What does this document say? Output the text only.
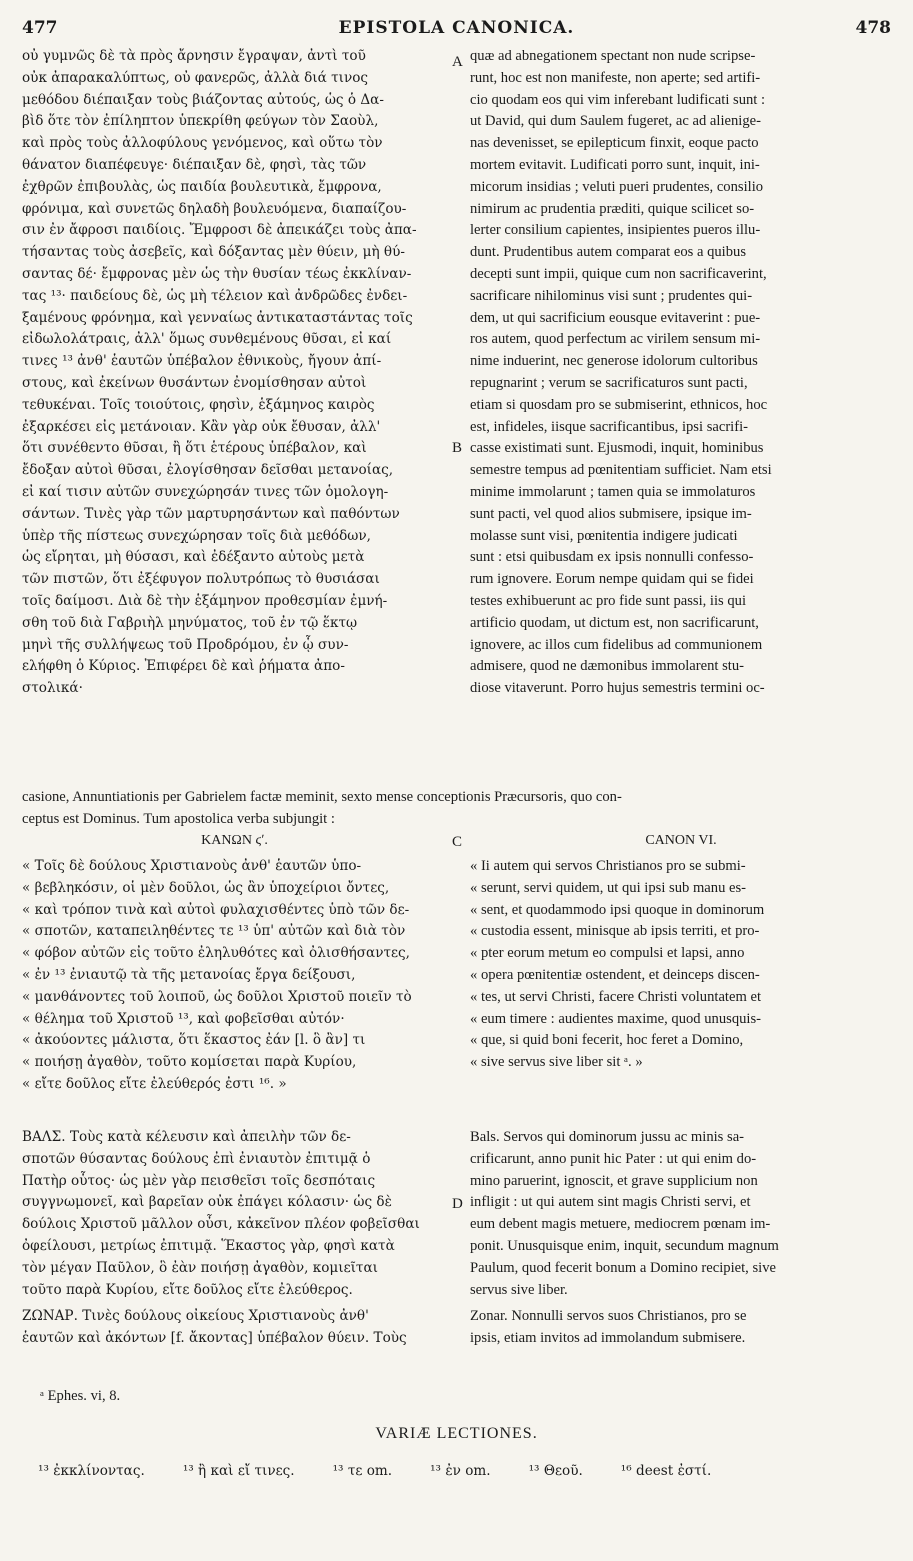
477	EPISTOLA CANONICA.	478
A
B
C
D
οὐ γυμνῶς δὲ τὰ πρὸς ἄρνησιν ἔγραψαν, ἀντὶ τοῦ
οὐκ ἀπαρακαλύπτως, οὐ φανερῶς, ἀλλὰ διά τινος
μεθόδου διέπαιξαν τοὺς βιάζοντας αὐτούς, ὡς ὁ Δα-
βὶδ ὅτε τὸν ἐπίληπτον ὑπεκρίθη φεύγων τὸν Σαοὺλ,
καὶ πρὸς τοὺς ἀλλοφύλους γενόμενος, καὶ οὕτω τὸν
θάνατον διαπέφευγε· διέπαιξαν δὲ, φησὶ, τὰς τῶν
ἐχθρῶν ἐπιβουλὰς, ὡς παιδία βουλευτικὰ, ἔμφρονα,
φρόνιμα, καὶ συνετῶς δηλαδὴ βουλευόμενα, διαπαίζου-
σιν ἐν ἄφροσι παιδίοις. Ἔμφροσι δὲ ἀπεικάζει τοὺς ἀπα-
τήσαντας τοὺς ἀσεβεῖς, καὶ δόξαντας μὲν θύειν, μὴ θύ-
σαντας δέ· ἔμφρονας μὲν ὡς τὴν θυσίαν τέως ἐκκλίναν-
τας ¹³· παιδείους δὲ, ὡς μὴ τέλειον καὶ ἀνδρῶδες ἐνδει-
ξαμένους φρόνημα, καὶ γενναίως ἀντικαταστάντας τοῖς
εἰδωλολάτραις, ἀλλ' ὅμως συνθεμένους θῦσαι, εἰ καί
τινες ¹³ ἀνθ' ἑαυτῶν ὑπέβαλον ἐθνικοὺς, ἤγουν ἀπί-
στους, καὶ ἐκείνων θυσάντων ἐνομίσθησαν αὐτοὶ
τεθυκέναι. Τοῖς τοιούτοις, φησὶν, ἑξάμηνος καιρὸς
ἐξαρκέσει εἰς μετάνοιαν. Κἂν γὰρ οὐκ ἔθυσαν, ἀλλ'
ὅτι συνέθεντο θῦσαι, ἢ ὅτι ἑτέρους ὑπέβαλον, καὶ
ἔδοξαν αὐτοὶ θῦσαι, ἐλογίσθησαν δεῖσθαι μετανοίας,
εἰ καί τισιν αὐτῶν συνεχώρησάν τινες τῶν ὁμολογη-
σάντων. Τινὲς γὰρ τῶν μαρτυρησάντων καὶ παθόντων
ὑπὲρ τῆς πίστεως συνεχώρησαν τοῖς διὰ μεθόδων,
ὡς εἴρηται, μὴ θύσασι, καὶ ἐδέξαντο αὐτοὺς μετὰ
τῶν πιστῶν, ὅτι ἐξέφυγον πολυτρόπως τὸ θυσιάσαι
τοῖς δαίμοσι. Διὰ δὲ τὴν ἑξάμηνον προθεσμίαν ἐμνή-
σθη τοῦ διὰ Γαβριὴλ μηνύματος, τοῦ ἐν τῷ ἕκτῳ
μηνὶ τῆς συλλήψεως τοῦ Προδρόμου, ἐν ᾧ συν-
ελήφθη ὁ Κύριος. Ἐπιφέρει δὲ καὶ ῥήματα ἀπο-
στολικά·
quæ ad abnegationem spectant non nude scripse-
runt, hoc est non manifeste, non aperte; sed artifi-
cio quodam eos qui vim inferebant ludificati sunt :
ut David, qui dum Saulem fugeret, ac ad alienige-
nas devenisset, se epilepticum finxit, eoque pacto
mortem evitavit. Ludificati porro sunt, inquit, ini-
micorum insidias ; veluti pueri prudentes, consilio
nimirum ac prudentia præditi, quique scilicet so-
lerter consilium capientes, insipientes pueros illu-
dunt. Prudentibus autem comparat eos a quibus
decepti sunt impii, quique cum non sacrificaverint,
sacrificare nihilominus visi sunt ; prudentes qui-
dem, ut qui sacrificium eousque evitaverint : pue-
ros autem, quod perfectum ac virilem sensum mi-
nime induerint, nec generose idolorum cultoribus
repugnarint ; verum se sacrificaturos sunt pacti,
etiam si quosdam pro se submiserint, ethnicos, hoc
est, infideles, iisque sacrificantibus, ipsi sacrifi-
casse existimati sunt. Ejusmodi, inquit, hominibus
semestre tempus ad pœnitentiam sufficiet. Nam etsi
minime immolarunt ; tamen quia se immolaturos
sunt pacti, vel quod alios submisere, ipsique im-
molasse sunt visi, pœnitentia indigere judicati
sunt : etsi quibusdam ex ipsis nonnulli confesso-
rum ignovere. Eorum nempe quidam qui se fidei
testes exhibuerunt ac pro fide sunt passi, iis qui
artificio quodam, ut dictum est, non sacrificarunt,
ignovere, ac illos cum fidelibus ad communionem
admisere, quod ne dæmonibus immolarent stu-
diose vitaverunt. Porro hujus semestris termini oc-
casione, Annuntiationis per Gabrielem factæ meminit, sexto mense conceptionis Præcursoris, quo con-
ceptus est Dominus. Tum apostolica verba subjungit :
ΚΑΝΩΝ ϛʹ.	CANON VI.
« Τοῖς δὲ δούλους Χριστιανοὺς ἀνθ' ἑαυτῶν ὑπο-
« βεβληκόσιν, οἱ μὲν δοῦλοι, ὡς ἂν ὑποχείριοι ὄντες,
« καὶ τρόπον τινὰ καὶ αὐτοὶ φυλαχισθέντες ὑπὸ τῶν δε-
« σποτῶν, καταπειληθέντες τε ¹³ ὑπ' αὐτῶν καὶ διὰ τὸν
« φόβον αὐτῶν εἰς τοῦτο ἐληλυθότες καὶ ὀλισθήσαντες,
« ἐν ¹³ ἐνιαυτῷ τὰ τῆς μετανοίας ἔργα δείξουσι,
« μανθάνοντες τοῦ λοιποῦ, ὡς δοῦλοι Χριστοῦ ποιεῖν τὸ
« θέλημα τοῦ Χριστοῦ ¹³, καὶ φοβεῖσθαι αὐτόν·
« ἀκούοντες μάλιστα, ὅτι ἕκαστος ἐάν [l. ὃ ἂν] τι
« ποιήσῃ ἀγαθὸν, τοῦτο κομίσεται παρὰ Κυρίου,
« εἴτε δοῦλος εἴτε ἐλεύθερός ἐστι ¹⁶. »
« Ii autem qui servos Christianos pro se submi-
« serunt, servi quidem, ut qui ipsi sub manu es-
« sent, et quodammodo ipsi quoque in dominorum
« custodia essent, minisque ab ipsis territi, et pro-
« pter eorum metum eo compulsi et lapsi, anno
« opera pœnitentiæ ostendent, et deinceps discen-
« tes, ut servi Christi, facere Christi voluntatem et
« eum timere : audientes maxime, quod unusquis-
« que, si quid boni fecerit, hoc feret a Domino,
« sive servus sive liber sit ᵃ. »
ΒΑΛΣ. Τοὺς κατὰ κέλευσιν καὶ ἀπειλὴν τῶν δε-
σποτῶν θύσαντας δούλους ἐπὶ ἐνιαυτὸν ἐπιτιμᾷ ὁ
Πατὴρ οὗτος· ὡς μὲν γὰρ πεισθεῖσι τοῖς δεσπόταις
συγγνωμονεῖ, καὶ βαρεῖαν οὐκ ἐπάγει κόλασιν· ὡς δὲ
δούλοις Χριστοῦ μᾶλλον οὖσι, κἀκεῖνον πλέον φοβεῖσθαι
ὀφείλουσι, μετρίως ἐπιτιμᾷ. Ἕκαστος γὰρ, φησὶ κατὰ
τὸν μέγαν Παῦλον, ὃ ἐὰν ποιήσῃ ἀγαθὸν, κομιεῖται
τοῦτο παρὰ Κυρίου, εἴτε δοῦλος εἴτε ἐλεύθερος.
Bals. Servos qui dominorum jussu ac minis sa-
crificarunt, anno punit hic Pater : ut qui enim do-
mino paruerint, ignoscit, et grave supplicium non
infligit : ut qui autem sint magis Christi servi, et
eum debent magis metuere, mediocrem pœnam im-
ponit. Unusquisque enim, inquit, secundum magnum
Paulum, quod fecerit bonum a Domino recipiet, sive
servus sive liber.
ΖΩΝΑΡ. Τινὲς δούλους οἰκείους Χριστιανοὺς ἀνθ'
ἑαυτῶν καὶ ἀκόντων [f. ἄκοντας] ὑπέβαλον θύειν. Τοὺς
Zonar. Nonnulli servos suos Christianos, pro se
ipsis, etiam invitos ad immolandum submisere.
ᵃ Ephes. vi, 8.
VARIÆ LECTIONES.
¹³ ἐκκλίνοντας.	¹³ ἢ καὶ εἴ τινες.	¹³ τε om.	¹³ ἐν om.	¹³ Θεοῦ.	¹⁶ deest ἐστί.
